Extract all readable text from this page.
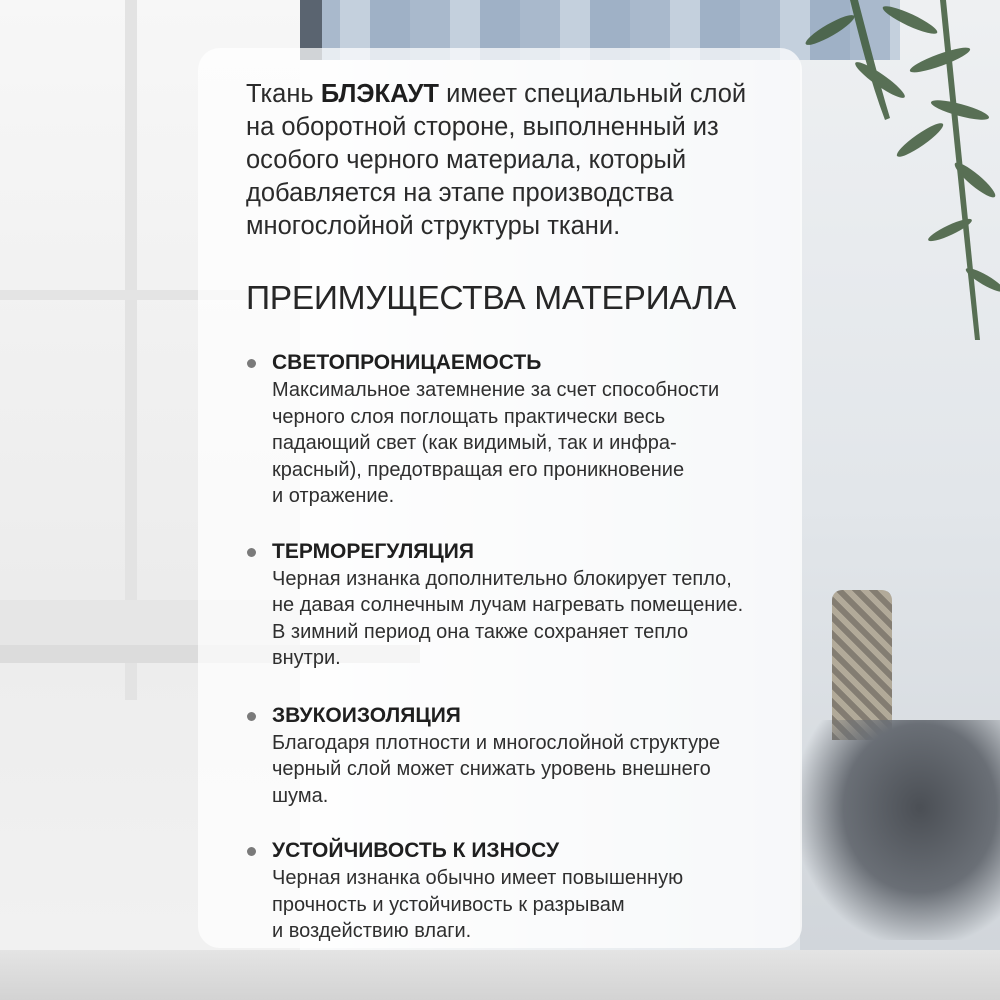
Ткань БЛЭКАУТ имеет специальный слой на оборотной стороне, выполненный из особого черного материала, который добавляется на этапе производства многослойной структуры ткани.

ПРЕИМУЩЕСТВА МАТЕРИАЛА

СВЕТОПРОНИЦАЕМОСТЬ

Максимальное затемнение за счет способности
черного слоя поглощать практически весь
падающий свет (как видимый, так и инфра-
красный), предотвращая его проникновение
и отражение.

ТЕРМОРЕГУЛЯЦИЯ

Черная изнанка дополнительно блокирует тепло,
не давая солнечным лучам нагревать помещение.
В зимний период она также сохраняет тепло
внутри.

ЗВУКОИЗОЛЯЦИЯ

Благодаря плотности и многослойной структуре
черный слой может снижать уровень внешнего
шума.

УСТОЙЧИВОСТЬ К ИЗНОСУ

Черная изнанка обычно имеет повышенную
прочность и устойчивость к разрывам
и воздействию влаги.
